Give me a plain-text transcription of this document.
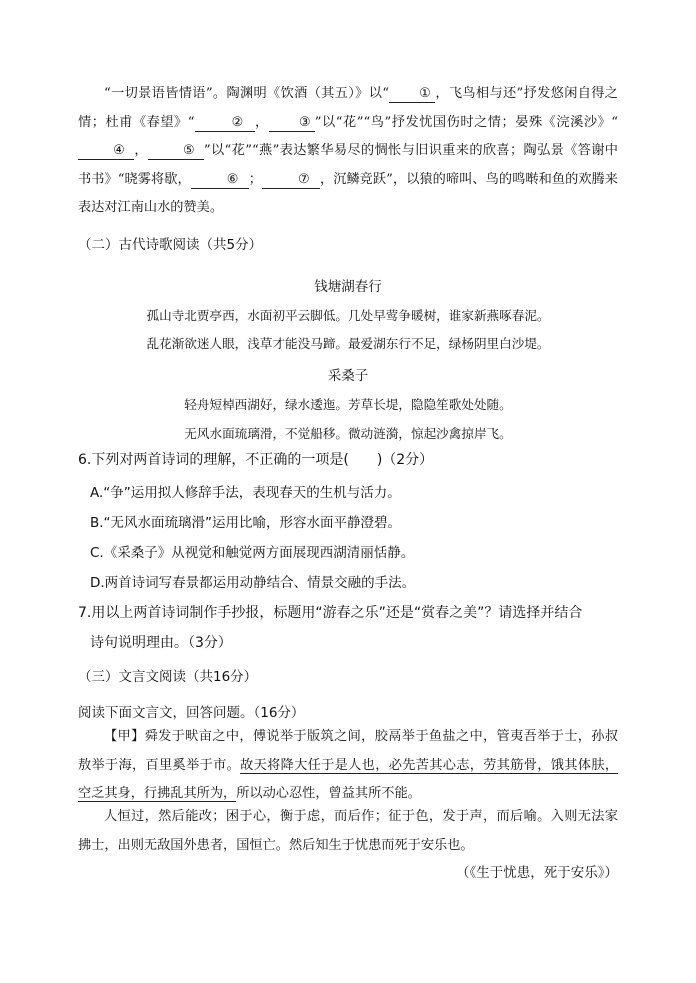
“一切景语皆情语”。陶渊明《饮酒（其五）》以“ ① ，飞鸟相与还”抒发悠闲自得之情；杜甫《春望》“	② ， ③ ”以“花”“鸟”抒发忧国伤时之情；晏殊《浣溪沙》“④ ，	⑤ ”以“花”“燕”表达繁华易尽的惆怅与旧识重来的欣喜；陶弘景《答谢中书书》“晓雾将歇，	⑥ ；	⑦ ，沉鳞竞跃”，以猿的啼叫、鸟的鸣啭和鱼的欢腾来表达对江南山水的赞美。
（二）古代诗歌阅读（共5分）
钱塘湖春行
孤山寺北贾亭西，水面初平云脚低。几处早莺争暖树，谁家新燕啄春泥。
乱花渐欲迷人眼，浅草才能没马蹄。最爱湖东行不足，绿杨阴里白沙堤。
采桑子
轻舟短棹西湖好，绿水逶迤。芳草长堤，隐隐笙歌处处随。
无风水面琉璃滑，不觉船移。微动涟漪，惊起沙禽掠岸飞。
6.下列对两首诗词的理解，不正确的一项是(　　)（2分）
A.“争”运用拟人修辞手法，表现春天的生机与活力。
B.“无风水面琉璃滑”运用比喻，形容水面平静澄碧。
C.《采桑子》从视觉和触觉两方面展现西湖清丽恬静。
D.两首诗词写春景都运用动静结合、情景交融的手法。
7.用以上两首诗词制作手抄报，标题用“游春之乐”还是“赏春之美”？请选择并结合
诗句说明理由。（3分）
（三）文言文阅读（共16分）
阅读下面文言文，回答问题。（16分）
【甲】舜发于畎亩之中，傅说举于版筑之间，胶鬲举于鱼盐之中，管夷吾举于士，孙叔敖举于海，百里奚举于市。故天将降大任于是人也，必先苦其心志，劳其筋骨，饿其体肤，空乏其身，行拂乱其所为，所以动心忍性，曾益其所不能。
人恒过，然后能改；困于心，衡于虑，而后作；征于色，发于声，而后喻。入则无法家拂士，出则无敌国外患者，国恒亡。然后知生于忧患而死于安乐也。
（《生于忧患，死于安乐》）
